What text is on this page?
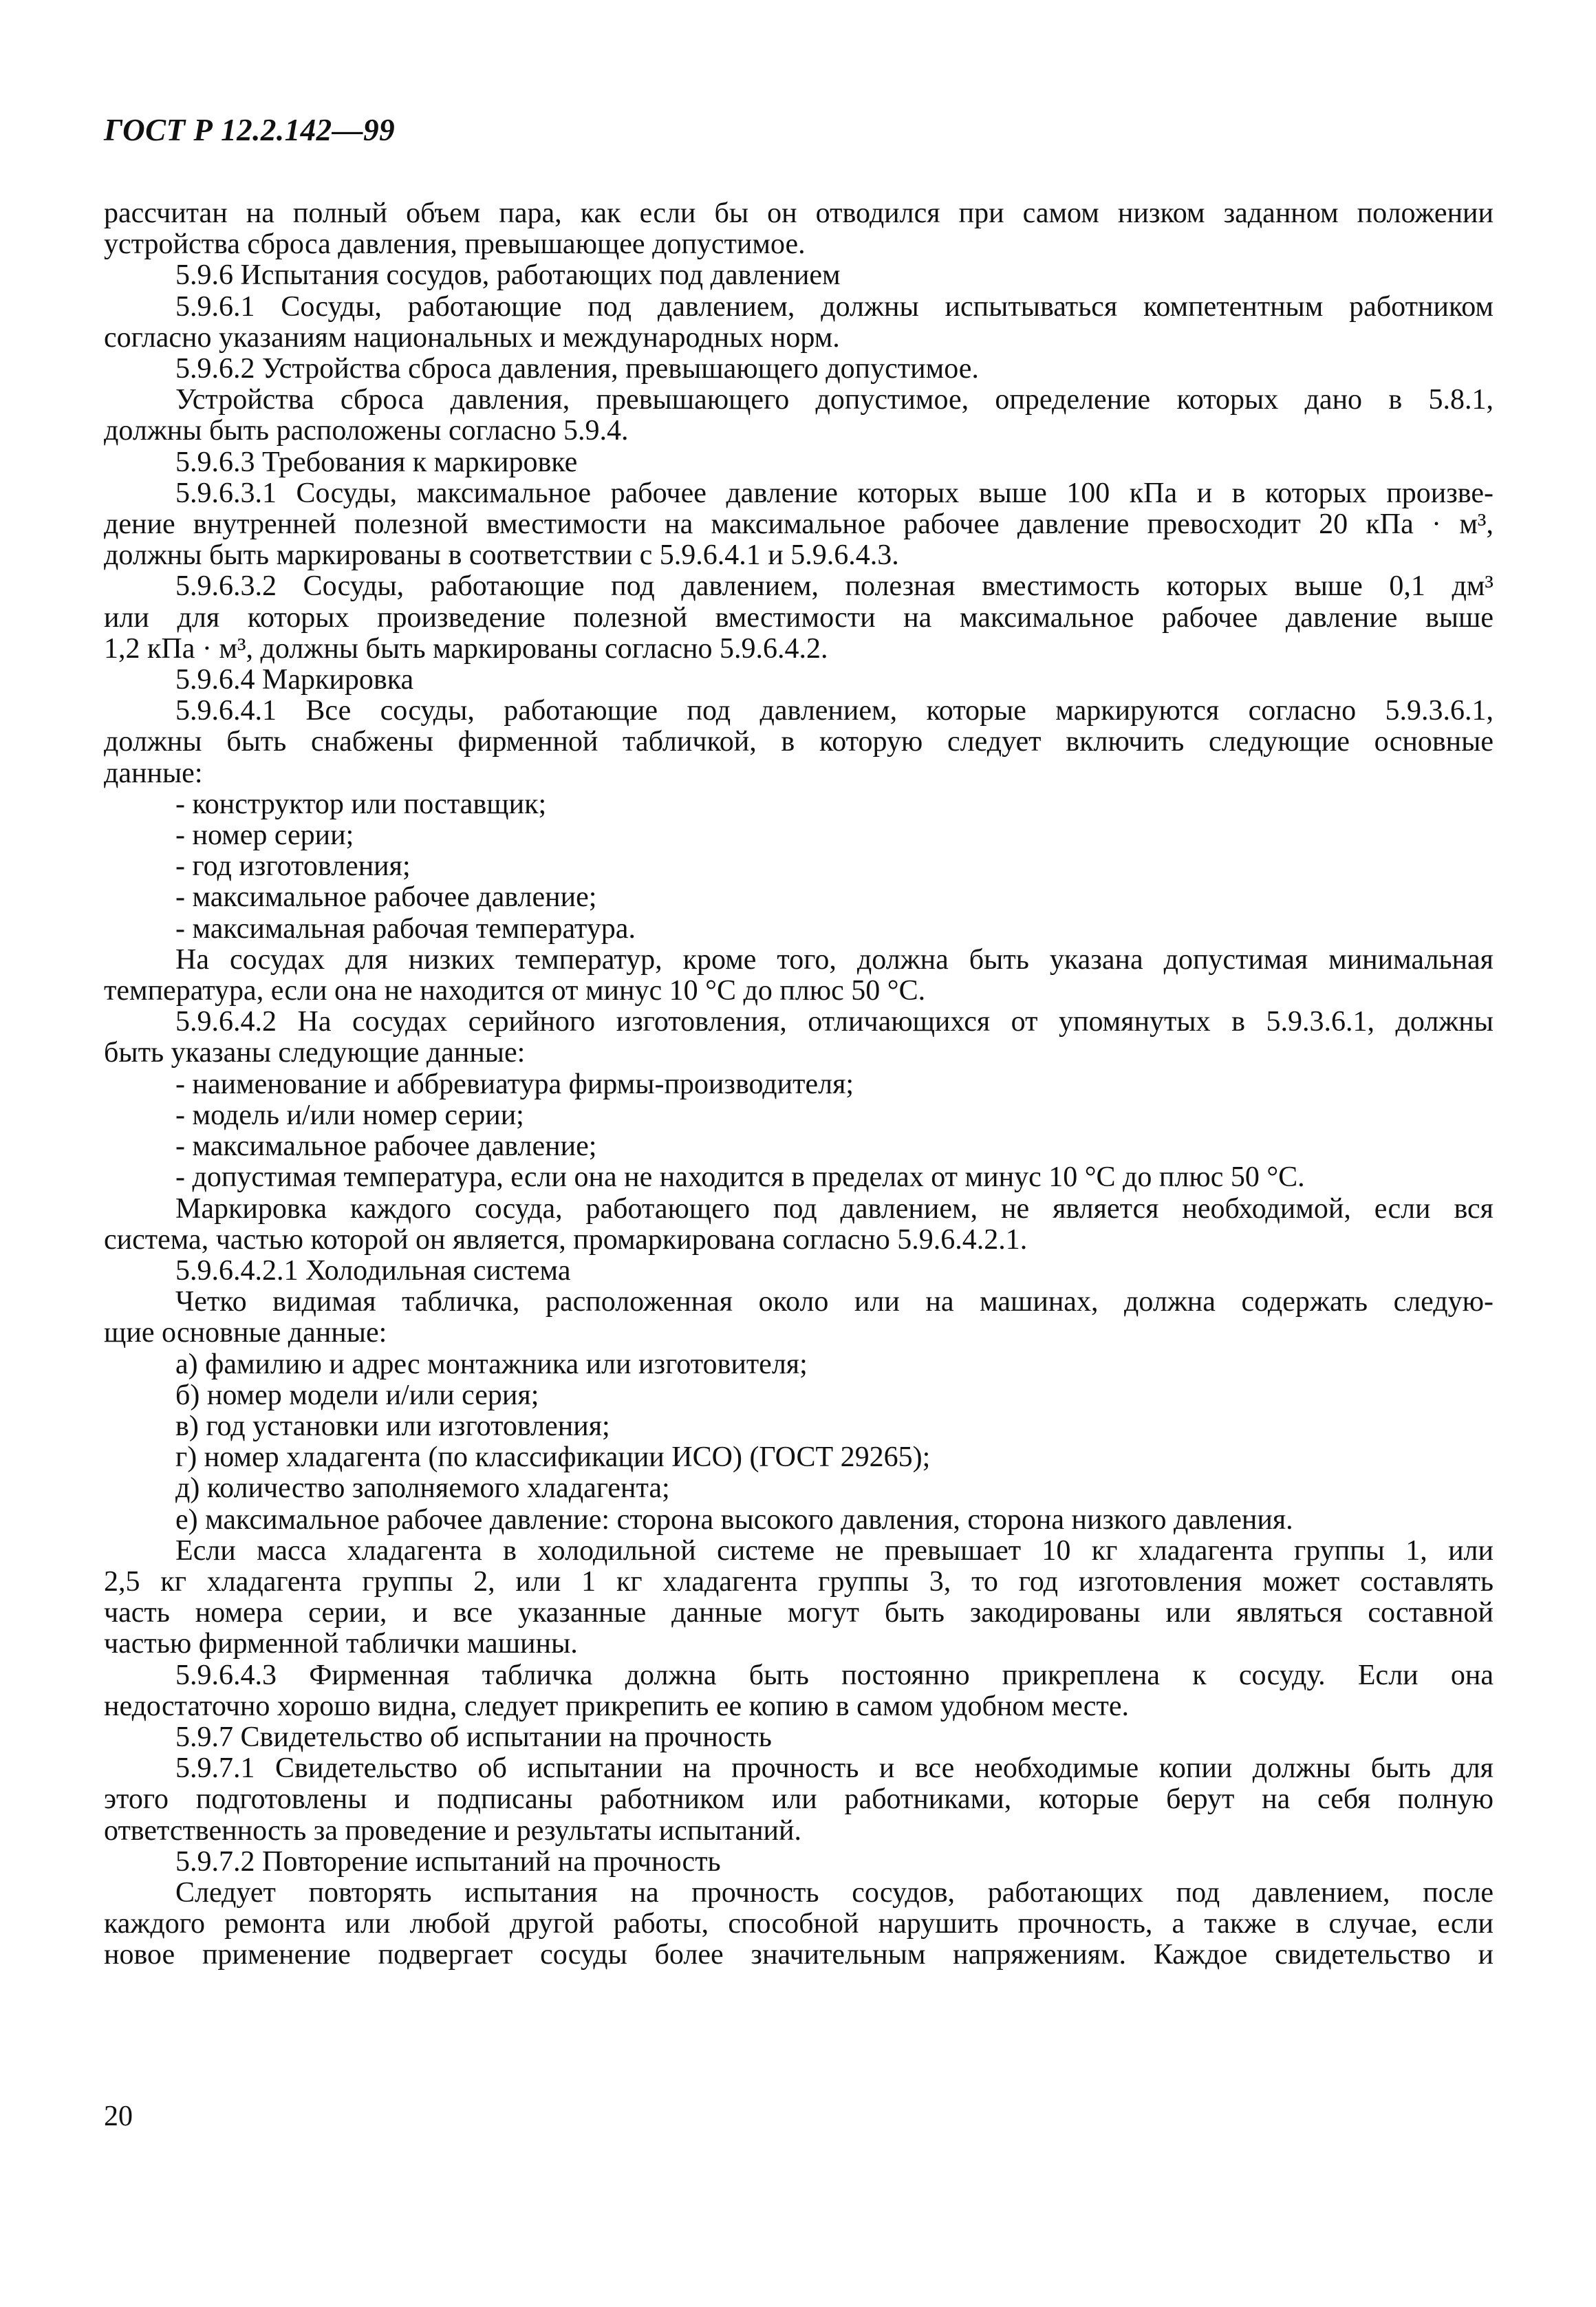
ГОСТ Р 12.2.142—99
рассчитан на полный объем пара, как если бы он отводился при самом низком заданном положении
устройства сброса давления, превышающее допустимое.
5.9.6 Испытания сосудов, работающих под давлением
5.9.6.1 Сосуды, работающие под давлением, должны испытываться компетентным работником
согласно указаниям национальных и международных норм.
5.9.6.2 Устройства сброса давления, превышающего допустимое.
Устройства сброса давления, превышающего допустимое, определение которых дано в 5.8.1,
должны быть расположены согласно 5.9.4.
5.9.6.3 Требования к маркировке
5.9.6.3.1 Сосуды, максимальное рабочее давление которых выше 100 кПа и в которых произве-
дение внутренней полезной вместимости на максимальное рабочее давление превосходит 20 кПа · м³,
должны быть маркированы в соответствии с 5.9.6.4.1 и 5.9.6.4.3.
5.9.6.3.2 Сосуды, работающие под давлением, полезная вместимость которых выше 0,1 дм³
или для которых произведение полезной вместимости на максимальное рабочее давление выше
1,2 кПа · м³, должны быть маркированы согласно 5.9.6.4.2.
5.9.6.4 Маркировка
5.9.6.4.1 Все сосуды, работающие под давлением, которые маркируются согласно 5.9.3.6.1,
должны быть снабжены фирменной табличкой, в которую следует включить следующие основные
данные:
- конструктор или поставщик;
- номер серии;
- год изготовления;
- максимальное рабочее давление;
- максимальная рабочая температура.
На сосудах для низких температур, кроме того, должна быть указана допустимая минимальная
температура, если она не находится от минус 10 °С до плюс 50 °С.
5.9.6.4.2 На сосудах серийного изготовления, отличающихся от упомянутых в 5.9.3.6.1, должны
быть указаны следующие данные:
- наименование и аббревиатура фирмы-производителя;
- модель и/или номер серии;
- максимальное рабочее давление;
- допустимая температура, если она не находится в пределах от минус 10 °С до плюс 50 °С.
Маркировка каждого сосуда, работающего под давлением, не является необходимой, если вся
система, частью которой он является, промаркирована согласно 5.9.6.4.2.1.
5.9.6.4.2.1 Холодильная система
Четко видимая табличка, расположенная около или на машинах, должна содержать следую-
щие основные данные:
а) фамилию и адрес монтажника или изготовителя;
б) номер модели и/или серия;
в) год установки или изготовления;
г) номер хладагента (по классификации ИСО) (ГОСТ 29265);
д) количество заполняемого хладагента;
е) максимальное рабочее давление: сторона высокого давления, сторона низкого давления.
Если масса хладагента в холодильной системе не превышает 10 кг хладагента группы 1, или
2,5 кг хладагента группы 2, или 1 кг хладагента группы 3, то год изготовления может составлять
часть номера серии, и все указанные данные могут быть закодированы или являться составной
частью фирменной таблички машины.
5.9.6.4.3 Фирменная табличка должна быть постоянно прикреплена к сосуду. Если она
недостаточно хорошо видна, следует прикрепить ее копию в самом удобном месте.
5.9.7 Свидетельство об испытании на прочность
5.9.7.1 Свидетельство об испытании на прочность и все необходимые копии должны быть для
этого подготовлены и подписаны работником или работниками, которые берут на себя полную
ответственность за проведение и результаты испытаний.
5.9.7.2 Повторение испытаний на прочность
Следует повторять испытания на прочность сосудов, работающих под давлением, после
каждого ремонта или любой другой работы, способной нарушить прочность, а также в случае, если
новое применение подвергает сосуды более значительным напряжениям. Каждое свидетельство и
20
